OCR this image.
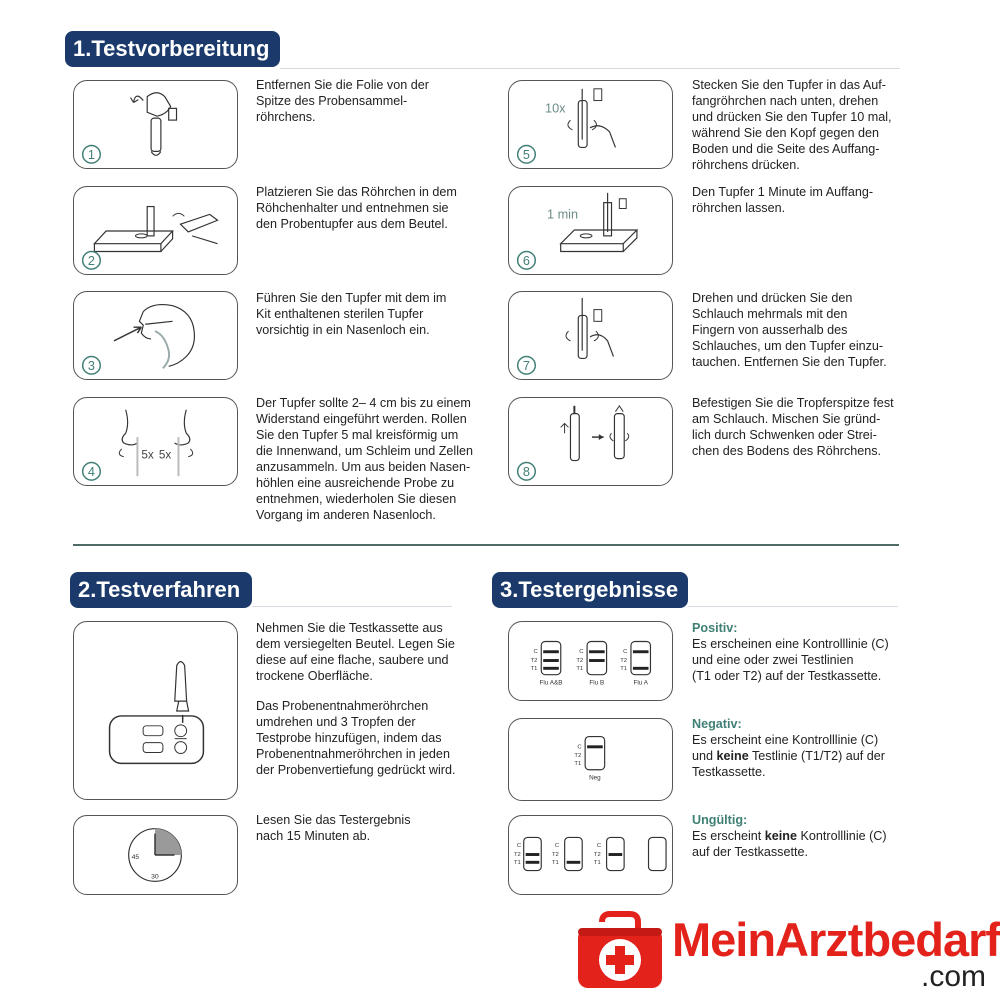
1.Testvorbereitung
2.Testverfahren	3.Testergebnisse
1

Entfernen Sie die Folie von der
Spitze des Probensammel-
röhrchens.

2

Platzieren Sie das Röhrchen in dem
Röhchenhalter und entnehmen sie
den Probentupfer aus dem Beutel.

3

Führen Sie den Tupfer mit dem im
Kit enthaltenen sterilen Tupfer
vorsichtig in ein Nasenloch ein.

5x 5x
4

Der Tupfer sollte 2– 4 cm bis zu einem
Widerstand eingeführt werden. Rollen
Sie den Tupfer 5 mal kreisförmig um
die Innenwand, um Schleim und Zellen
anzusammeln. Um aus beiden Nasen-
höhlen eine ausreichende Probe zu
entnehmen, wiederholen Sie diesen
Vorgang im anderen Nasenloch.

10x
5

Stecken Sie den Tupfer in das Auf-
fangröhrchen nach unten, drehen
und drücken Sie den Tupfer 10 mal,
während Sie den Kopf gegen den
Boden und die Seite des Auffang-
röhrchens drücken.

1 min
6

Den Tupfer 1 Minute im Auffang-
röhrchen lassen.

7

Drehen und drücken Sie den
Schlauch mehrmals mit den
Fingern von ausserhalb des
Schlauches, um den Tupfer einzu-
tauchen. Entfernen Sie den Tupfer.

8

Befestigen Sie die Tropferspitze fest
am Schlauch. Mischen Sie gründ-
lich durch Schwenken oder Strei-
chen des Bodens des Röhrchens.

Nehmen Sie die Testkassette aus
dem versiegelten Beutel. Legen Sie
diese auf eine flache, saubere und
trockene Oberfläche.

Das Probenentnahmeröhrchen
umdrehen und 3 Tropfen der
Testprobe hinzufügen, indem das
Probenentnahmeröhrchen in jeden
der Probenvertiefung gedrückt wird.

45
30

Lesen Sie das Testergebnis
nach 15 Minuten ab.

C
T2
T1
Flu A&B
C
T2
T1
Flu B
C
T2
T1
Flu A
Positiv:

Es erscheinen eine Kontrolllinie (C)
und eine oder zwei Testlinien
(T1 oder T2) auf der Testkassette.

C
T2
T1
Neg
Negativ:

Es erscheint eine Kontrolllinie (C)
und keine Testlinie (T1/T2) auf der
Testkassette.

C
T2
T1
C
T2
T1
C
T2
T1
Ungültig:

Es erscheint keine Kontrolllinie (C)
auf der Testkassette.

MeinArztbedarf
.com
